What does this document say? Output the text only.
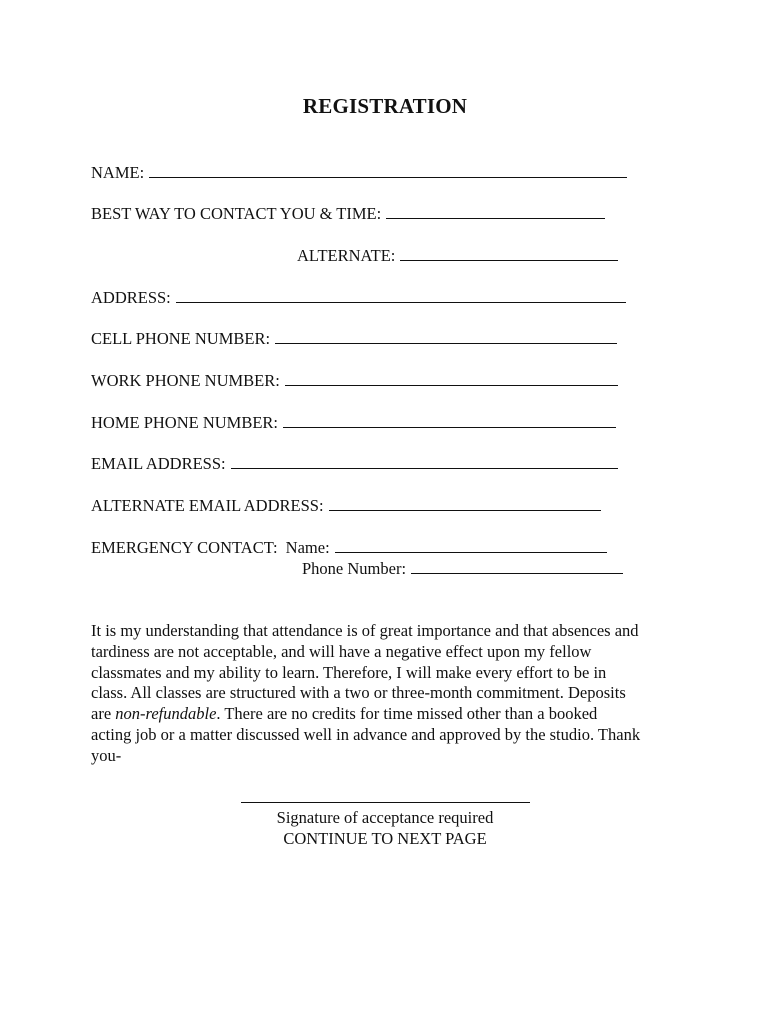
REGISTRATION
NAME:
BEST WAY TO CONTACT YOU & TIME:
ALTERNATE:
ADDRESS:
CELL PHONE NUMBER:
WORK PHONE NUMBER:
HOME PHONE NUMBER:
EMAIL ADDRESS:
ALTERNATE EMAIL ADDRESS:
EMERGENCY CONTACT: Name:
Phone Number:
It is my understanding that attendance is of great importance and that absences and
tardiness are not acceptable, and will have a negative effect upon my fellow
classmates and my ability to learn. Therefore, I will make every effort to be in
class. All classes are structured with a two or three-month commitment. Deposits
are non-refundable. There are no credits for time missed other than a booked
acting job or a matter discussed well in advance and approved by the studio. Thank
you-
Signature of acceptance required
CONTINUE TO NEXT PAGE
